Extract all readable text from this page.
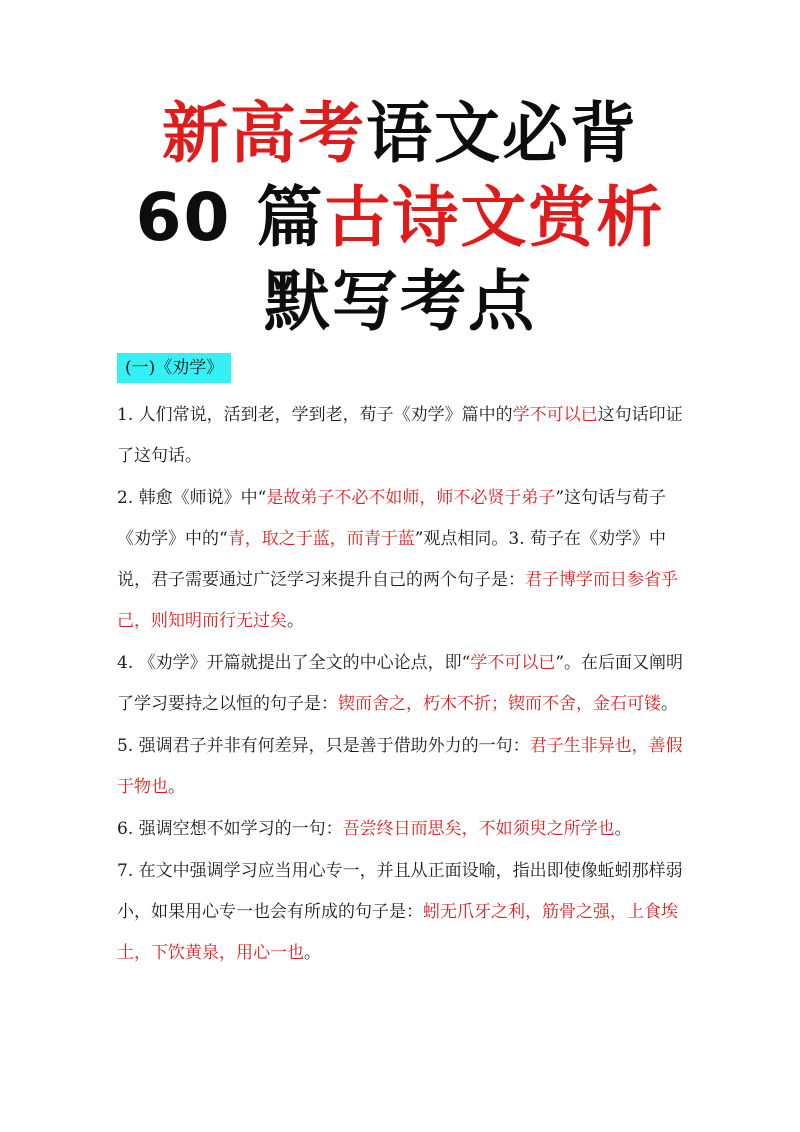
新高考语文必背
60 篇古诗文赏析
默写考点
(一)《劝学》
1. 人们常说，活到老，学到老，荀子《劝学》篇中的学不可以已这句话印证了这句话。
2. 韩愈《师说》中“是故弟子不必不如师，师不必贤于弟子”这句话与荀子《劝学》中的“青，取之于蓝，而青于蓝”观点相同。3. 荀子在《劝学》中说，君子需要通过广泛学习来提升自己的两个句子是：君子博学而日参省乎己，则知明而行无过矣。
4. 《劝学》开篇就提出了全文的中心论点，即“学不可以已”。在后面又阐明了学习要持之以恒的句子是：锲而舍之，朽木不折；锲而不舍，金石可镂。
5. 强调君子并非有何差异，只是善于借助外力的一句：君子生非异也，善假于物也。
6. 强调空想不如学习的一句：吾尝终日而思矣，不如须臾之所学也。
7. 在文中强调学习应当用心专一，并且从正面设喻，指出即使像蚯蚓那样弱小，如果用心专一也会有所成的句子是：蚓无爪牙之利，筋骨之强，上食埃土，下饮黄泉，用心一也。
